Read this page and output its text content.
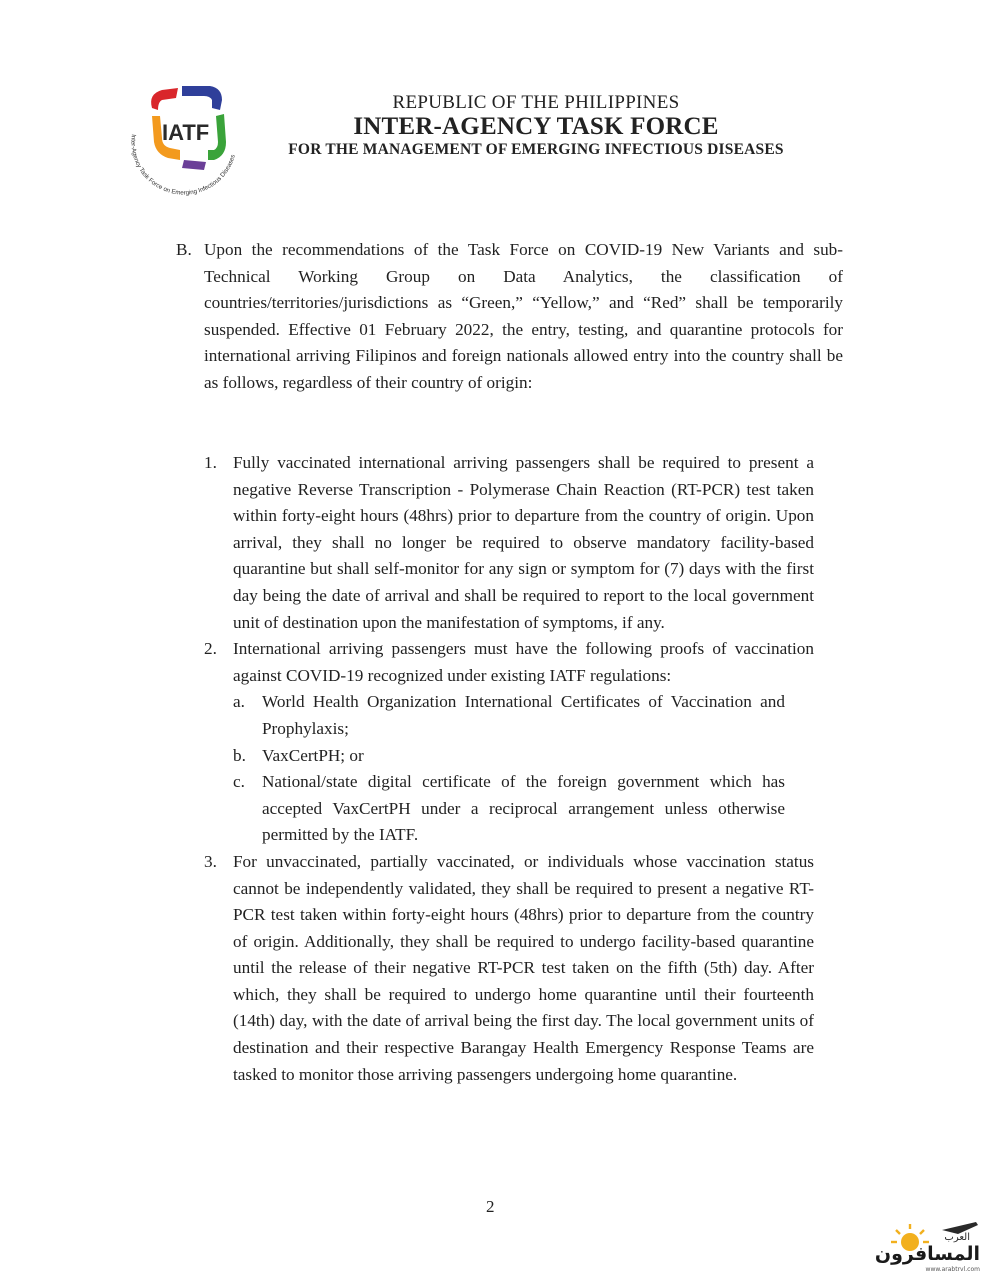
IATF
Inter-Agency Task Force on Emerging Infectious Diseases
REPUBLIC OF THE PHILIPPINES
INTER-AGENCY TASK FORCE
FOR THE MANAGEMENT OF EMERGING INFECTIOUS DISEASES
B. Upon the recommendations of the Task Force on COVID-19 New Variants and sub-Technical Working Group on Data Analytics, the classification of countries/territories/jurisdictions as “Green,” “Yellow,” and “Red” shall be temporarily suspended. Effective 01 February 2022, the entry, testing, and quarantine protocols for international arriving Filipinos and foreign nationals allowed entry into the country shall be as follows, regardless of their country of origin:
1. Fully vaccinated international arriving passengers shall be required to present a negative Reverse Transcription - Polymerase Chain Reaction (RT-PCR) test taken within forty-eight hours (48hrs) prior to departure from the country of origin. Upon arrival, they shall no longer be required to observe mandatory facility-based quarantine but shall self-monitor for any sign or symptom for (7) days with the first day being the date of arrival and shall be required to report to the local government unit of destination upon the manifestation of symptoms, if any.
2. International arriving passengers must have the following proofs of vaccination against COVID-19 recognized under existing IATF regulations:
a. World Health Organization International Certificates of Vaccination and Prophylaxis;
b. VaxCertPH; or
c. National/state digital certificate of the foreign government which has accepted VaxCertPH under a reciprocal arrangement unless otherwise permitted by the IATF.
3. For unvaccinated, partially vaccinated, or individuals whose vaccination status cannot be independently validated, they shall be required to present a negative RT-PCR test taken within forty-eight hours (48hrs) prior to departure from the country of origin. Additionally, they shall be required to undergo facility-based quarantine until the release of their negative RT-PCR test taken on the fifth (5th) day. After which, they shall be required to undergo home quarantine until their fourteenth (14th) day, with the date of arrival being the first day. The local government units of destination and their respective Barangay Health Emergency Response Teams are tasked to monitor those arriving passengers undergoing home quarantine.
2
العرب
المسافرون
www.arabtrvl.com
